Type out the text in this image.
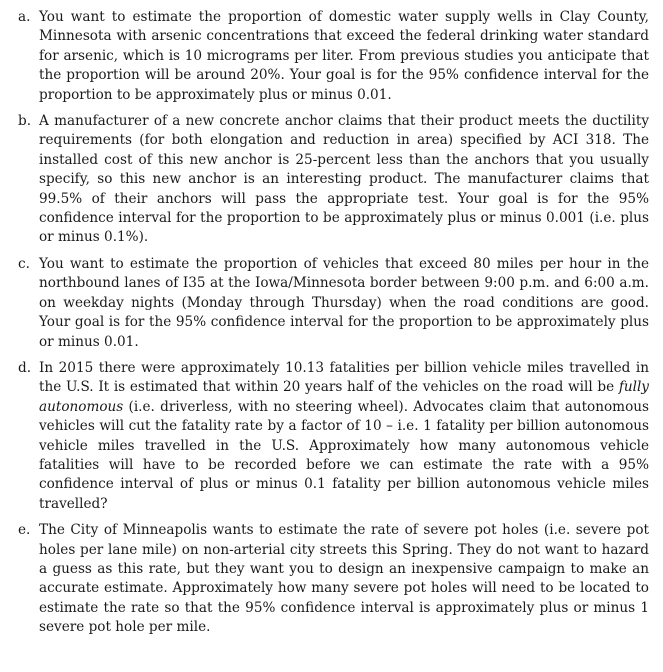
a. You want to estimate the proportion of domestic water supply wells in Clay County, Minnesota with arsenic concentrations that exceed the federal drinking water standard for arsenic, which is 10 micrograms per liter. From previous studies you anticipate that the proportion will be around 20%. Your goal is for the 95% confidence interval for the proportion to be approximately plus or minus 0.01.
b. A manufacturer of a new concrete anchor claims that their product meets the ductility requirements (for both elongation and reduction in area) specified by ACI 318. The installed cost of this new anchor is 25-percent less than the anchors that you usually specify, so this new anchor is an interesting product. The manufacturer claims that 99.5% of their anchors will pass the appropriate test. Your goal is for the 95% confidence interval for the proportion to be approximately plus or minus 0.001 (i.e. plus or minus 0.1%).
c. You want to estimate the proportion of vehicles that exceed 80 miles per hour in the northbound lanes of I35 at the Iowa/Minnesota border between 9:00 p.m. and 6:00 a.m. on weekday nights (Monday through Thursday) when the road conditions are good. Your goal is for the 95% confidence interval for the proportion to be approximately plus or minus 0.01.
d. In 2015 there were approximately 10.13 fatalities per billion vehicle miles travelled in the U.S. It is estimated that within 20 years half of the vehicles on the road will be fully autonomous (i.e. driverless, with no steering wheel). Advocates claim that autonomous vehicles will cut the fatality rate by a factor of 10 – i.e. 1 fatality per billion autonomous vehicle miles travelled in the U.S. Approximately how many autonomous vehicle fatalities will have to be recorded before we can estimate the rate with a 95% confidence interval of plus or minus 0.1 fatality per billion autonomous vehicle miles travelled?
e. The City of Minneapolis wants to estimate the rate of severe pot holes (i.e. severe pot holes per lane mile) on non-arterial city streets this Spring. They do not want to hazard a guess as this rate, but they want you to design an inexpensive campaign to make an accurate estimate. Approximately how many severe pot holes will need to be located to estimate the rate so that the 95% confidence interval is approximately plus or minus 1 severe pot hole per mile.
